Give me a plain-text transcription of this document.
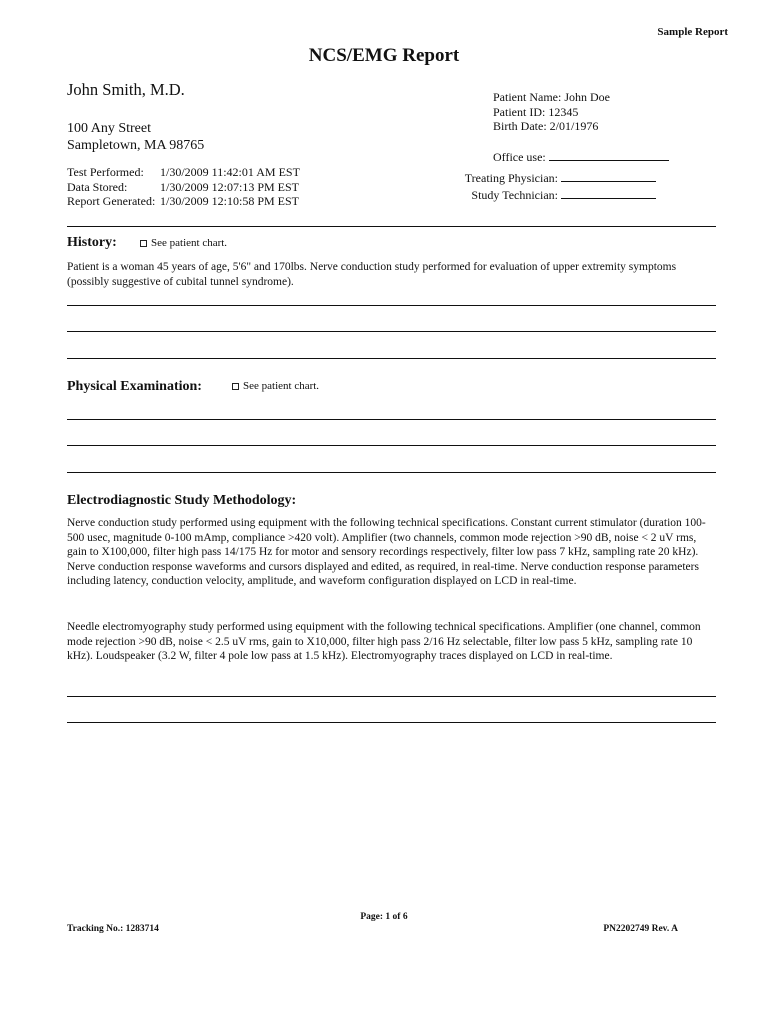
Sample Report
NCS/EMG Report
John Smith, M.D.
100 Any Street
Sampletown, MA 98765
Test Performed:	1/30/2009 11:42:01 AM EST
Data Stored:	1/30/2009 12:07:13 PM EST
Report Generated: 1/30/2009 12:10:58 PM EST
Patient Name: John Doe
Patient ID: 12345
Birth Date: 2/01/1976
Office use:
Treating Physician:
Study Technician:
History:	See patient chart.
Patient is a woman 45 years of age, 5'6" and 170lbs. Nerve conduction study performed for evaluation of upper extremity symptoms (possibly suggestive of cubital tunnel syndrome).
Physical Examination:	See patient chart.
Electrodiagnostic Study Methodology:
Nerve conduction study performed using equipment with the following technical specifications. Constant current stimulator (duration 100-500 usec, magnitude 0-100 mAmp, compliance >420 volt). Amplifier (two channels, common mode rejection >90 dB, noise < 2 uV rms, gain to X100,000, filter high pass 14/175 Hz for motor and sensory recordings respectively, filter low pass 7 kHz, sampling rate 20 kHz). Nerve conduction response waveforms and cursors displayed and edited, as required, in real-time. Nerve conduction response parameters including latency, conduction velocity, amplitude, and waveform configuration displayed on LCD in real-time.
Needle electromyography study performed using equipment with the following technical specifications. Amplifier (one channel, common mode rejection >90 dB, noise < 2.5 uV rms, gain to X10,000, filter high pass 2/16 Hz selectable, filter low pass 5 kHz, sampling rate 10 kHz). Loudspeaker (3.2 W, filter 4 pole low pass at 1.5 kHz). Electromyography traces displayed on LCD in real-time.
Page: 1 of 6
Tracking No.: 1283714	PN2202749 Rev. A
